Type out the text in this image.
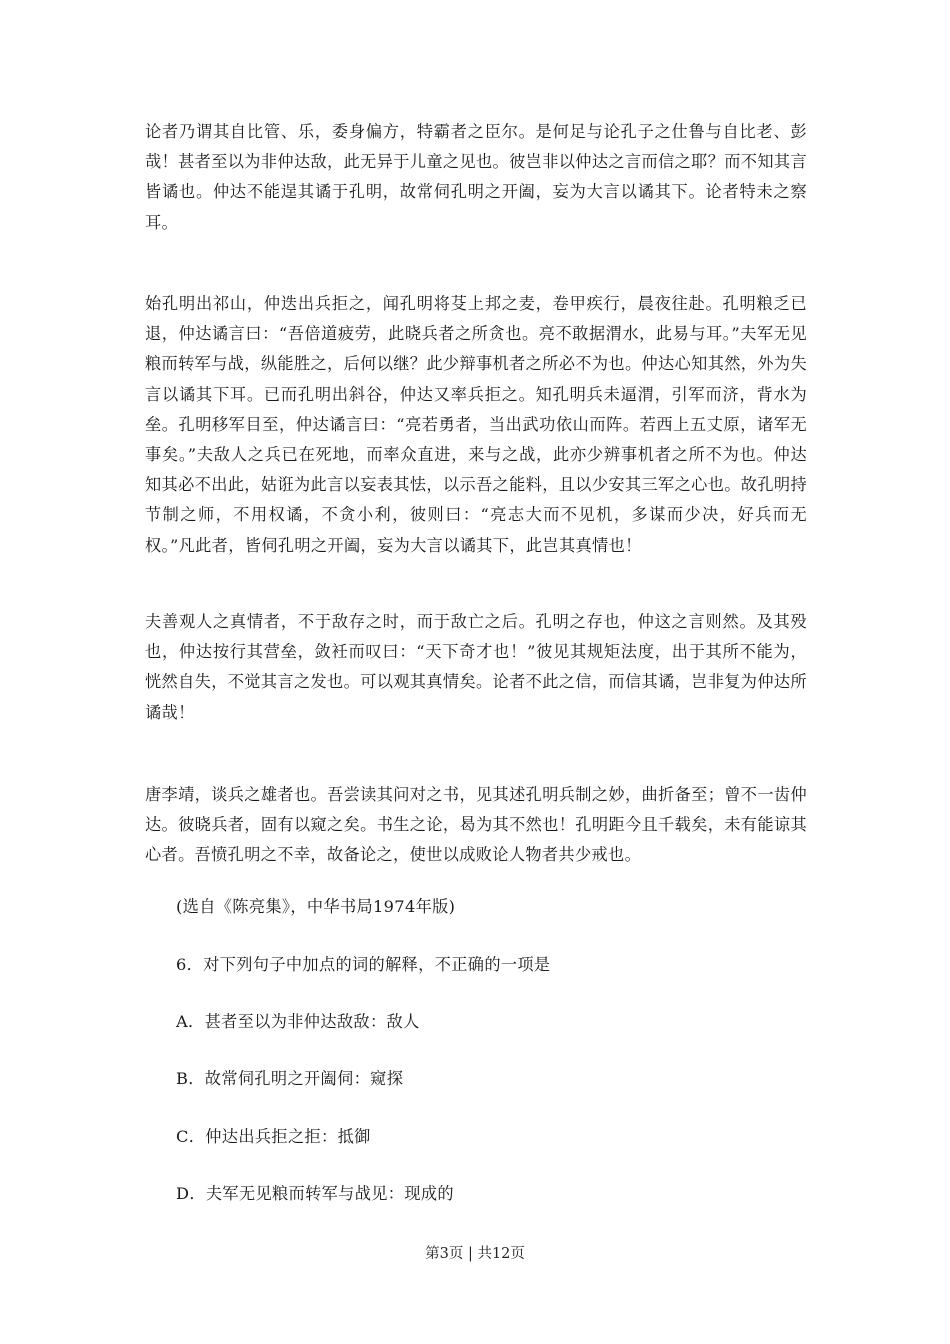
论者乃谓其自比管、乐，委身偏方，特霸者之臣尔。是何足与论孔子之仕鲁与自比老、彭哉！甚者至以为非仲达敌，此无异于儿童之见也。彼岂非以仲达之言而信之耶？而不知其言皆谲也。仲达不能逞其谲于孔明，故常伺孔明之开阖，妄为大言以谲其下。论者特未之察耳。

始孔明出祁山，仲迭出兵拒之，闻孔明将芟上邦之麦，卷甲疾行，晨夜往赴。孔明粮乏已退，仲达谲言曰：“吾倍道疲劳，此晓兵者之所贪也。亮不敢据渭水，此易与耳。”夫军无见粮而转军与战，纵能胜之，后何以继？此少辩事机者之所必不为也。仲达心知其然，外为失言以谲其下耳。已而孔明出斜谷，仲达又率兵拒之。知孔明兵未逼渭，引军而济，背水为垒。孔明移军目至，仲达谲言曰：“亮若勇者，当出武功依山而阵。若西上五丈原，诸军无事矣。”夫敌人之兵已在死地，而率众直进，来与之战，此亦少辨事机者之所不为也。仲达知其必不出此，姑诳为此言以妄表其怯，以示吾之能料，且以少安其三军之心也。故孔明持节制之师，不用权谲，不贪小利，彼则曰：“亮志大而不见机，多谋而少决，好兵而无权。”凡此者，皆伺孔明之开阖，妄为大言以谲其下，此岂其真情也！

夫善观人之真情者，不于敌存之时，而于敌亡之后。孔明之存也，仲这之言则然。及其殁也，仲达按行其营垒，敛衽而叹曰：“天下奇才也！”彼见其规矩法度，出于其所不能为，恍然自失，不觉其言之发也。可以观其真情矣。论者不此之信，而信其谲，岂非复为仲达所谲哉！

唐李靖，谈兵之雄者也。吾尝读其问对之书，见其述孔明兵制之妙，曲折备至；曾不一齿仲达。彼晓兵者，固有以窥之矣。书生之论，曷为其不然也！孔明距今且千载矣，未有能谅其心者。吾愤孔明之不幸，故备论之，使世以成败论人物者共少戒也。

(选自《陈亮集》，中华书局1974年版)

6．对下列句子中加点的词的解释，不正确的一项是

A．甚者至以为非仲达敌敌：敌人

B．故常伺孔明之开阖伺：窥探

C．仲达出兵拒之拒：抵御

D．夫军无见粮而转军与战见：现成的

第3页 | 共12页
